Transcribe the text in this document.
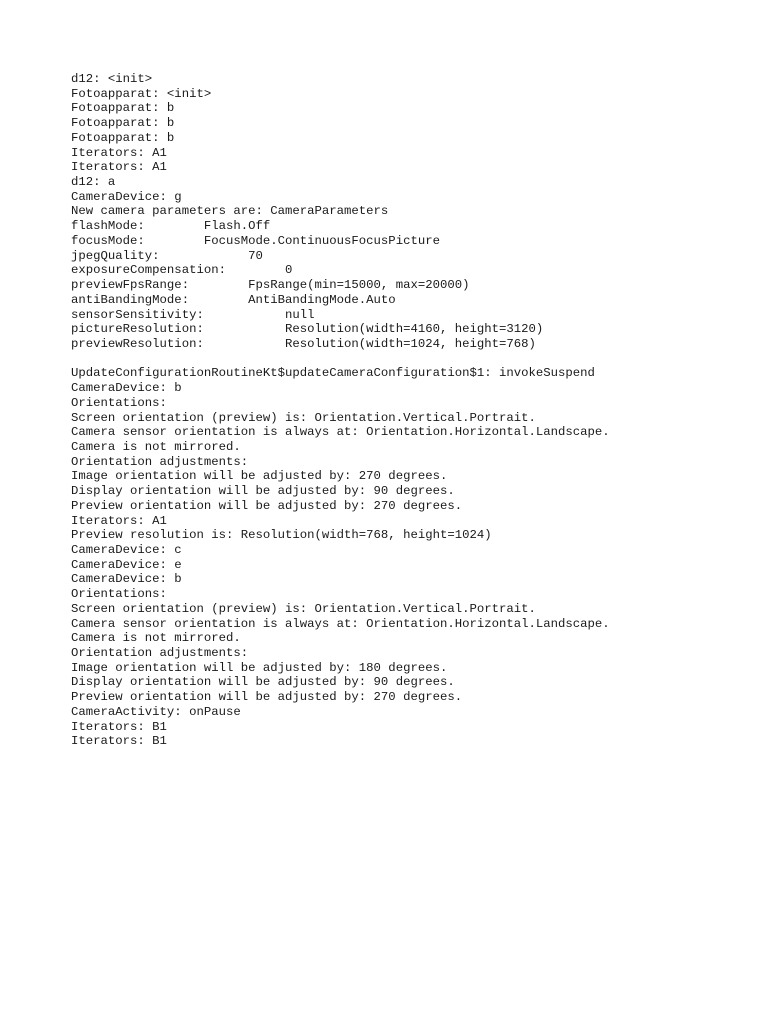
d12: <init>
Fotoapparat: <init>
Fotoapparat: b
Fotoapparat: b
Fotoapparat: b
Iterators: A1
Iterators: A1
d12: a
CameraDevice: g
New camera parameters are: CameraParameters
flashMode:        Flash.Off
focusMode:        FocusMode.ContinuousFocusPicture
jpegQuality:            70
exposureCompensation:        0
previewFpsRange:        FpsRange(min=15000, max=20000)
antiBandingMode:        AntiBandingMode.Auto
sensorSensitivity:           null
pictureResolution:           Resolution(width=4160, height=3120)
previewResolution:           Resolution(width=1024, height=768)
UpdateConfigurationRoutineKt$updateCameraConfiguration$1: invokeSuspend
CameraDevice: b
Orientations:
Screen orientation (preview) is: Orientation.Vertical.Portrait.
Camera sensor orientation is always at: Orientation.Horizontal.Landscape.
Camera is not mirrored.
Orientation adjustments:
Image orientation will be adjusted by: 270 degrees.
Display orientation will be adjusted by: 90 degrees.
Preview orientation will be adjusted by: 270 degrees.
Iterators: A1
Preview resolution is: Resolution(width=768, height=1024)
CameraDevice: c
CameraDevice: e
CameraDevice: b
Orientations:
Screen orientation (preview) is: Orientation.Vertical.Portrait.
Camera sensor orientation is always at: Orientation.Horizontal.Landscape.
Camera is not mirrored.
Orientation adjustments:
Image orientation will be adjusted by: 180 degrees.
Display orientation will be adjusted by: 90 degrees.
Preview orientation will be adjusted by: 270 degrees.
CameraActivity: onPause
Iterators: B1
Iterators: B1
